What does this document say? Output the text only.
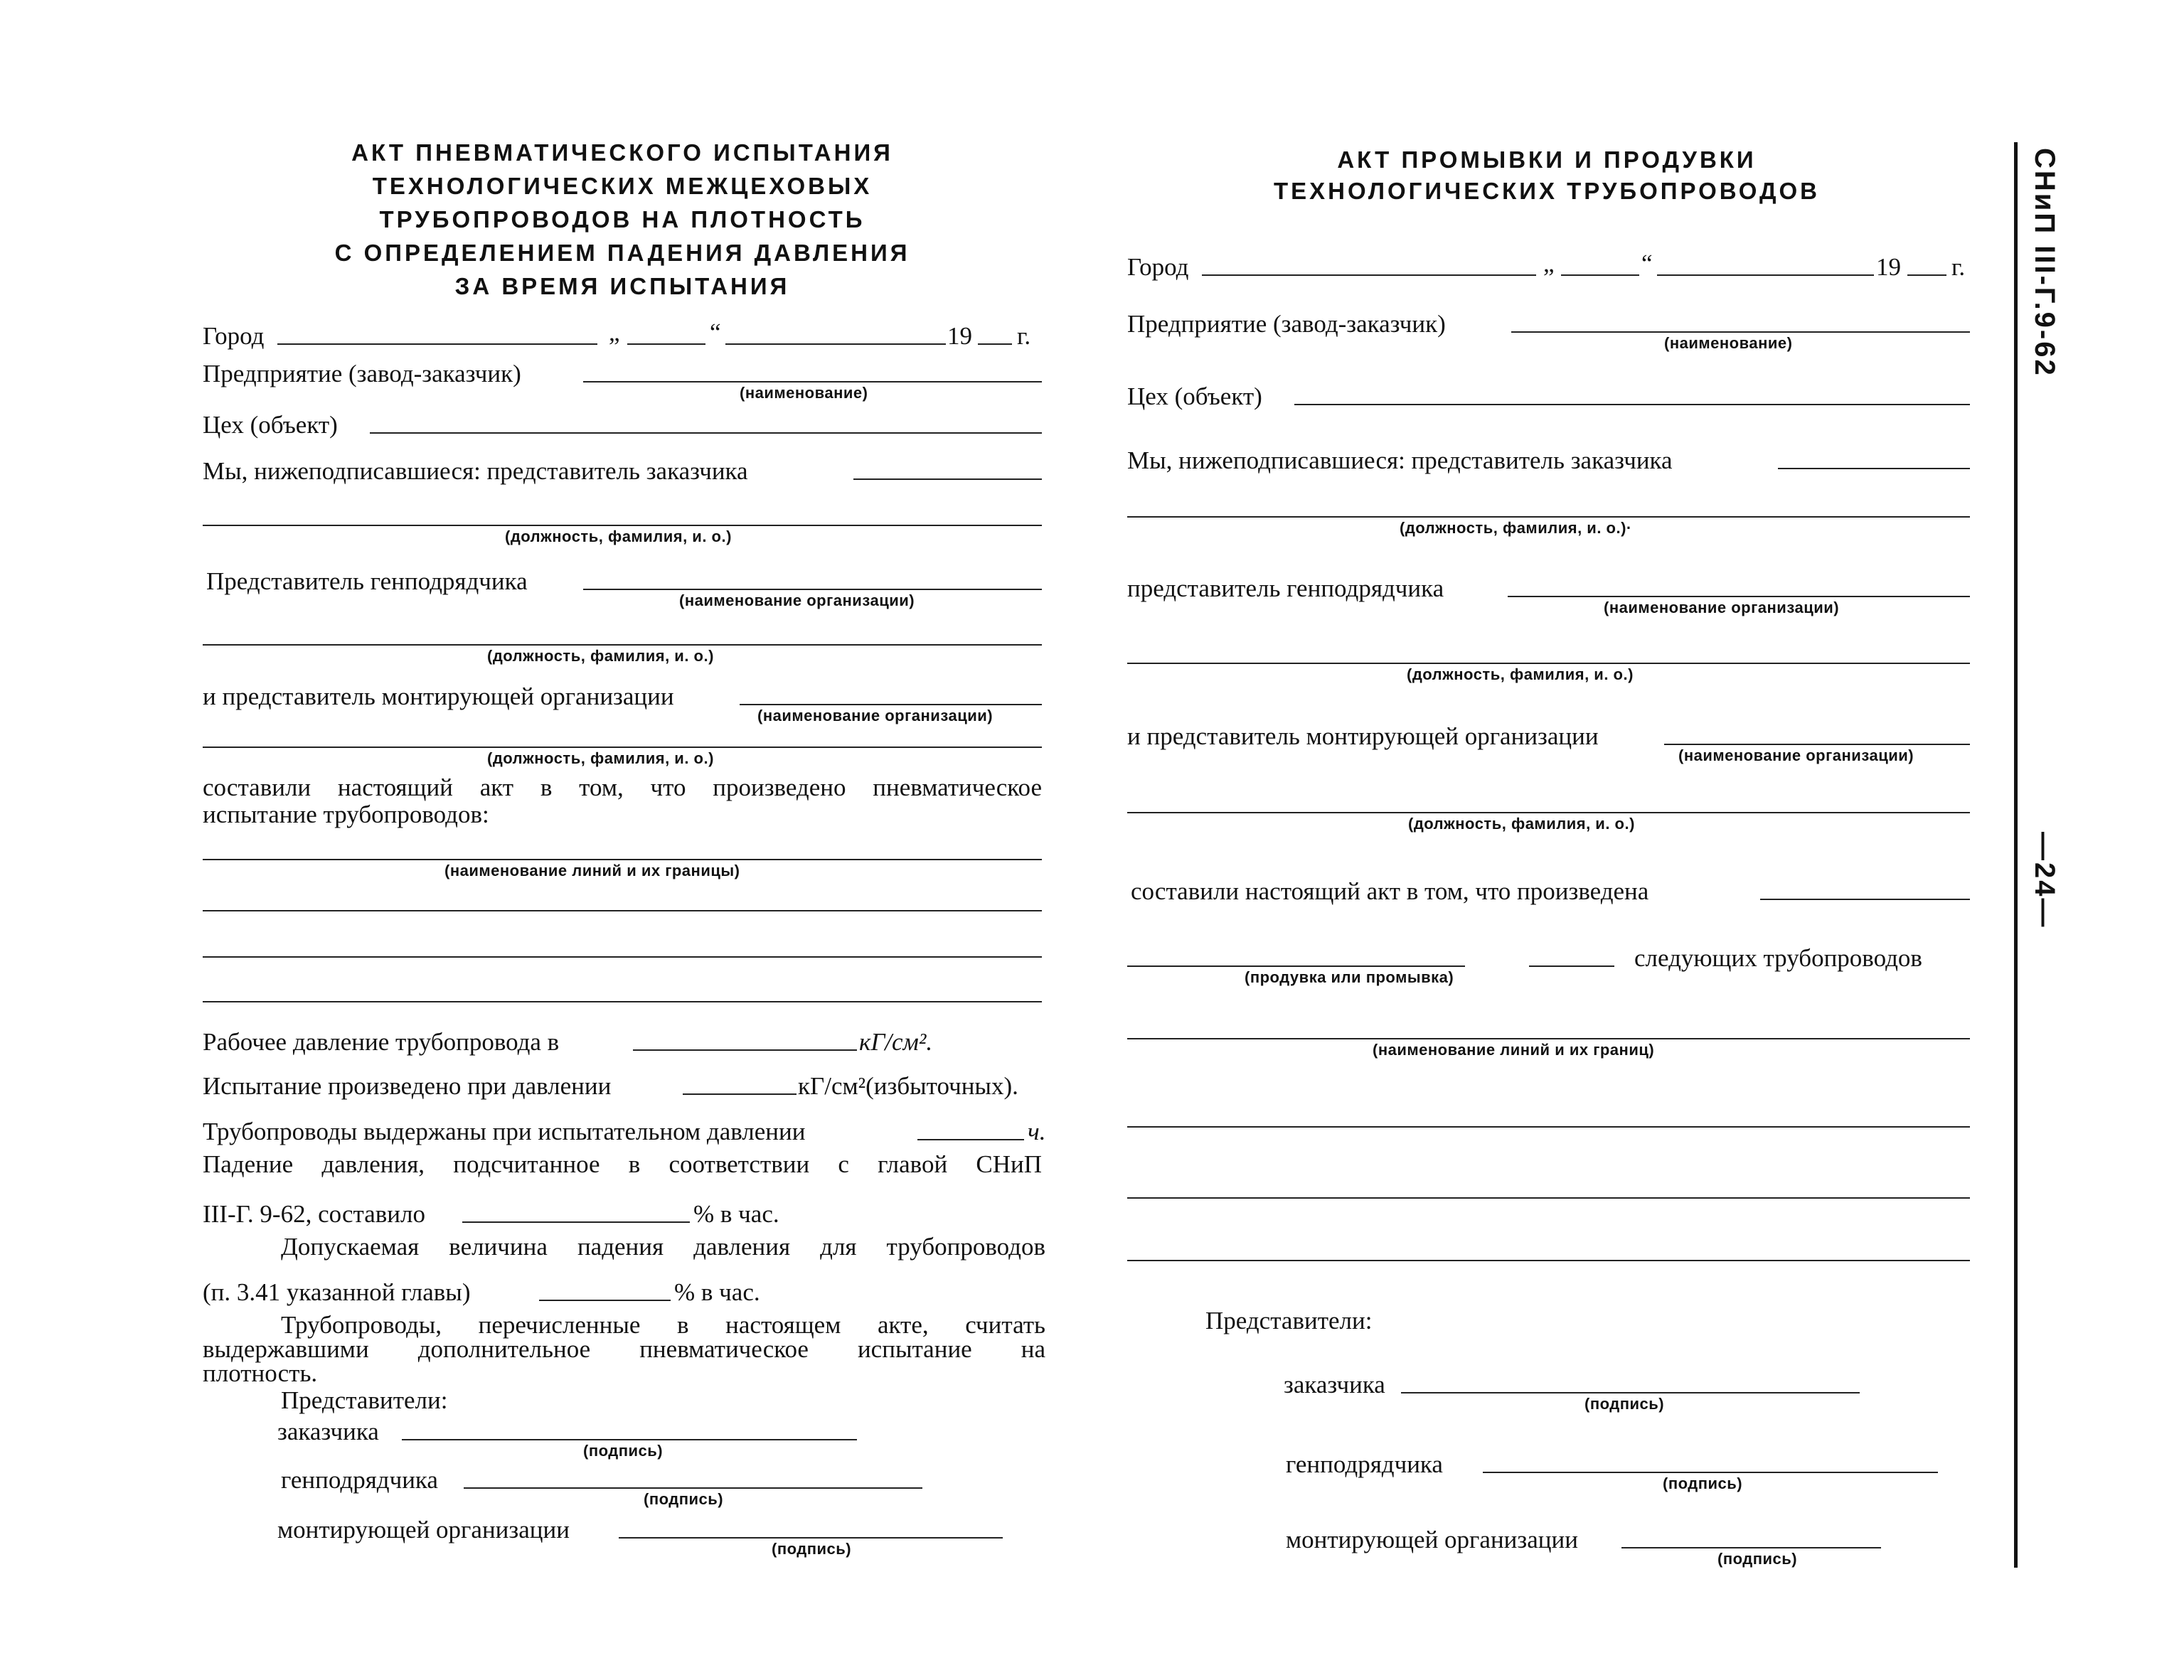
АКТ ПНЕВМАТИЧЕСКОГО ИСПЫТАНИЯ
ТЕХНОЛОГИЧЕСКИХ МЕЖЦЕХОВЫХ
ТРУБОПРОВОДОВ НА ПЛОТНОСТЬ
С ОПРЕДЕЛЕНИЕМ ПАДЕНИЯ ДАВЛЕНИЯ
ЗА ВРЕМЯ ИСПЫТАНИЯ
Город	„	“	19 г.
Предприятие (завод-заказчик)
(наименование)
Цех (объект)
Мы, нижеподписавшиеся: представитель заказчика
(должность, фамилия, и. о.)
Представитель генподрядчика
(наименование организации)
(должность, фамилия, и. о.)
и представитель монтирующей организации
(наименование организации)
(должность, фамилия, и. о.)
составили настоящий акт в том, что произведено пневматическое
испытание трубопроводов:
(наименование линий и их границы)
Рабочее давление трубопровода в	кГ/см².
Испытание произведено при давлении	кГ/см²(избыточных).
Трубопроводы выдержаны при испытательном давлении	ч.
Падение давления, подсчитанное в соответствии с главой СНиП
III-Г. 9-62, составило	% в час.
Допускаемая величина падения давления для трубопроводов
(п. 3.41 указанной главы)	% в час.
Трубопроводы, перечисленные в настоящем акте, считать
выдержавшими дополнительное пневматическое испытание на
плотность.
Представители:
заказчика
(подпись)
генподрядчика
(подпись)
монтирующей организации
(подпись)
АКТ ПРОМЫВКИ И ПРОДУВКИ
ТЕХНОЛОГИЧЕСКИХ ТРУБОПРОВОДОВ
Город	„	“	19 г.
Предприятие (завод-заказчик)
(наименование)
Цех (объект)
Мы, нижеподписавшиеся: представитель заказчика
(должность, фамилия, и. о.)·
представитель генподрядчика
(наименование организации)
(должность, фамилия, и. о.)
и представитель монтирующей организации
(наименование организации)
(должность, фамилия, и. о.)
составили настоящий акт в том, что произведена
(продувка или промывка)
следующих трубопроводов
(наименование линий и их границ)
Представители:
заказчика
(подпись)
генподрядчика
(подпись)
монтирующей организации
(подпись)
СНиП III-Г.9-62
—24—
